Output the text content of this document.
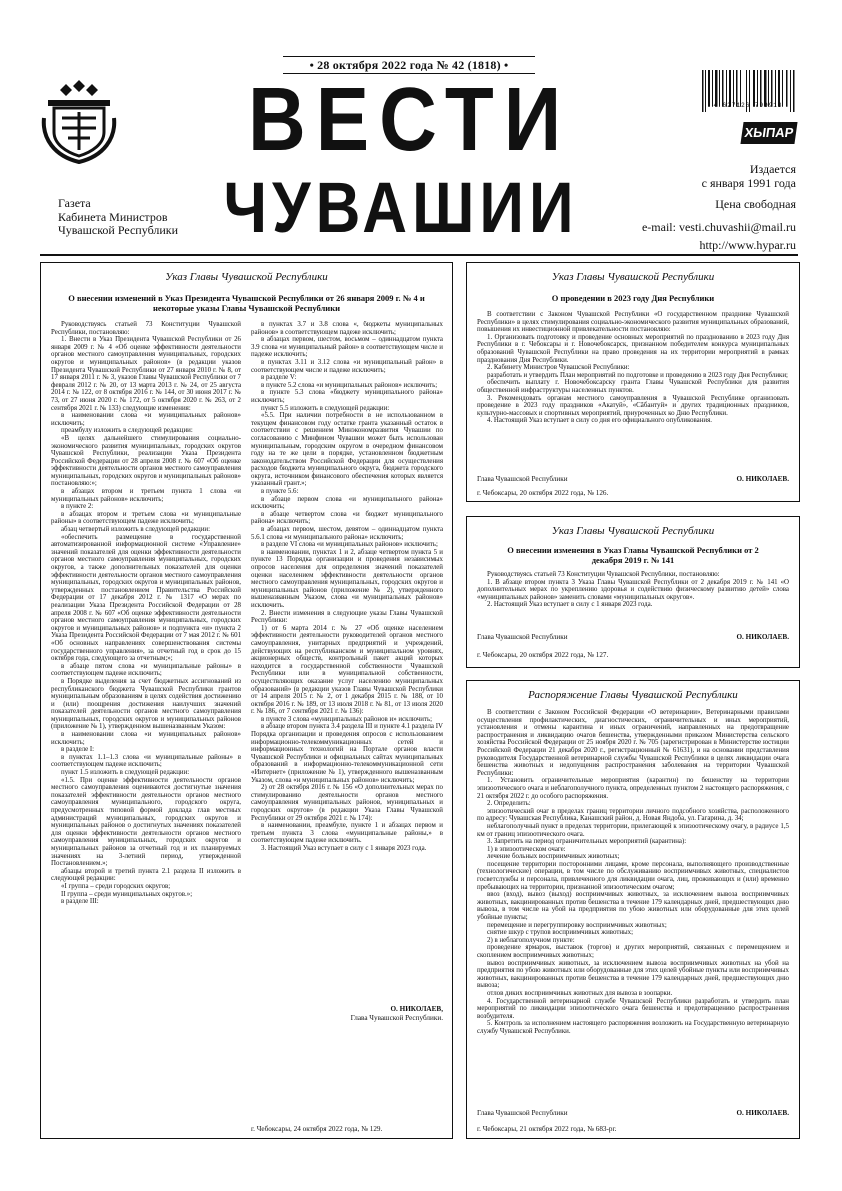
• 28 октября 2022 года № 42 (1818) •
ВЕСТИ
ЧУВАШИИ
Газета
Кабинета Министров
Чувашской Республики
4 627126 799913
ХЫПАР
Издается
с января 1991 года
Цена свободная
e-mail: vesti.chuvashii@mail.ru
http://www.hypar.ru
Указ Главы Чувашской Республики
О внесении изменений в Указ Президента Чувашской Республики от 26 января 2009 г. № 4 и некоторые указы Главы Чувашской Республики

Руководствуясь статьей 73 Конституции Чувашской Республики, постановляю:

1. Внести в Указ Президента Чувашской Республики от 26 января 2009 г. № 4 «Об оценке эффективности деятельности органов местного самоуправления муниципальных, городских округов и муниципальных районов» (в редакции указов Президента Чувашской Республики от 27 января 2010 г. № 8, от 17 января 2011 г. № 3, указов Главы Чувашской Республики от 7 февраля 2012 г. № 20, от 13 марта 2013 г. № 24, от 25 августа 2014 г. № 122, от 8 октября 2016 г. № 144, от 30 июня 2017 г. № 73, от 27 июня 2020 г. № 172, от 5 октября 2020 г. № 263, от 2 сентября 2021 г. № 133) следующие изменения:

в наименовании слова «и муниципальных районов» исключить;

преамбулу изложить в следующей редакции:

«В целях дальнейшего стимулирования социально-экономического развития муниципальных, городских округов Чувашской Республики, реализации Указа Президента Российской Федерации от 28 апреля 2008 г. № 607 «Об оценке эффективности деятельности органов местного самоуправления муниципальных, городских округов и муниципальных районов» постановляю:»;

в абзацах втором и третьем пункта 1 слова «и муниципальных районов» исключить;

в пункте 2:

в абзацах втором и третьем слова «и муниципальные районы» в соответствующем падеже исключить;

абзац четвертый изложить в следующей редакции:

«обеспечить размещение в государственной автоматизированной информационной системе «Управление» значений показателей для оценки эффективности деятельности органов местного самоуправления муниципальных, городских округов, а также дополнительных показателей для оценки эффективности деятельности органов местного самоуправления муниципальных, городских округов и муниципальных районов, утвержденных постановлением Правительства Российской Федерации от 17 декабря 2012 г. № 1317 «О мерах по реализации Указа Президента Российской Федерации от 28 апреля 2008 г. № 607 «Об оценке эффективности деятельности органов местного самоуправления муниципальных, городских округов и муниципальных районов» и подпункта «и» пункта 2 Указа Президента Российской Федерации от 7 мая 2012 г. № 601 «Об основных направлениях совершенствования системы государственного управления», за отчетный год в срок до 15 октября года, следующего за отчетным;»;

в абзаце пятом слова «и муниципальные районы» в соответствующем падеже исключить;

в Порядке выделения за счет бюджетных ассигнований из республиканского бюджета Чувашской Республики грантов муниципальным образованиям в целях содействия достижению и (или) поощрения достижения наилучших значений показателей деятельности органов местного самоуправления муниципальных, городских округов и муниципальных районов (приложение № 1), утвержденном вышеназванным Указом:

в наименовании слова «и муниципальных районов» исключить;

в разделе I:

в пунктах 1.1–1.3 слова «и муниципальные районы» в соответствующем падеже исключить;

пункт 1.5 изложить в следующей редакции:

«1.5. При оценке эффективности деятельности органов местного самоуправления оцениваются достигнутые значения показателей эффективности деятельности органов местного самоуправления муниципального, городского округа, предусмотренных типовой формой доклада глав местных администраций муниципальных, городских округов и муниципальных районов о достигнутых значениях показателей для оценки эффективности деятельности органов местного самоуправления муниципальных, городских округов и муниципальных районов за отчетный год и их планируемых значениях на 3-летний период, утвержденной Постановлением.»;

абзацы второй и третий пункта 2.1 раздела II изложить в следующей редакции:

«I группа – среди городских округов;

II группа – среди муниципальных округов.»;

в разделе III:

в пунктах 3.7 и 3.8 слова «, бюджеты муниципальных районов» в соответствующем падеже исключить;

в абзацах первом, шестом, восьмом – одиннадцатом пункта 3.9 слова «и муниципальный район» в соответствующем числе и падеже исключить;

в пунктах 3.11 и 3.12 слова «и муниципальный район» в соответствующем числе и падеже исключить;

в разделе V:

в пункте 5.2 слова «и муниципальных районов» исключить;

в пункте 5.3 слова «бюджету муниципального района» исключить;

пункт 5.5 изложить в следующей редакции:

«5.5. При наличии потребности в не использованном в текущем финансовом году остатке гранта указанный остаток в соответствии с решением Минэкономразвития Чувашии по согласованию с Минфином Чувашии может быть использован муниципальным, городским округом в очередном финансовом году на те же цели в порядке, установленном бюджетным законодательством Российской Федерации для осуществления расходов бюджета муниципального округа, бюджета городского округа, источником финансового обеспечения которых является указанный грант.»;

в пункте 5.6:

в абзаце первом слова «и муниципального района» исключить;

в абзаце четвертом слова «и бюджет муниципального района» исключить;

в абзацах первом, шестом, девятом – одиннадцатом пункта 5.6.1 слова «и муниципального района» исключить;

в разделе VI слова «и муниципальных районов» исключить;

в наименовании, пунктах 1 и 2, абзаце четвертом пункта 5 и пункте 13 Порядка организации и проведения независимых опросов населения для определения значений показателей оценки населением эффективности деятельности органов местного самоуправления муниципальных, городских округов и муниципальных районов (приложение № 2), утвержденного вышеназванным Указом, слова «и муниципальных районов» исключить.

2. Внести изменения в следующие указы Главы Чувашской Республики:

1) от 6 марта 2014 г. № 27 «Об оценке населением эффективности деятельности руководителей органов местного самоуправления, унитарных предприятий и учреждений, действующих на республиканском и муниципальном уровнях, акционерных обществ, контрольный пакет акций которых находится в государственной собственности Чувашской Республики или в муниципальной собственности, осуществляющих оказание услуг населению муниципальных образований» (в редакции указов Главы Чувашской Республики от 14 апреля 2015 г. № 2, от 1 декабря 2015 г. № 188, от 10 октября 2016 г. № 189, от 13 июля 2018 г. № 81, от 13 июля 2020 г. № 186, от 7 сентября 2021 г. № 136):

в пункте 3 слова «муниципальных районов и» исключить;

в абзаце втором пункта 3.4 раздела III и пункте 4.1 раздела IV Порядка организации и проведения опросов с использованием информационно-телекоммуникационных сетей и информационных технологий на Портале органов власти Чувашской Республики и официальных сайтах муниципальных образований в информационно-телекоммуникационной сети «Интернет» (приложение № 1), утвержденного вышеназванным Указом, слова «и муниципальных районов» исключить;

2) от 28 октября 2016 г. № 156 «О дополнительных мерах по стимулированию деятельности органов местного самоуправления муниципальных районов, муниципальных и городских округов» (в редакции Указа Главы Чувашской Республики от 29 октября 2021 г. № 174):

в наименовании, преамбуле, пункте 1 и абзацах первом и третьем пункта 3 слова «муниципальные районы,» в соответствующем падеже исключить.

3. Настоящий Указ вступает в силу с 1 января 2023 года.

О. НИКОЛАЕВ,
Глава Чувашской Республики.
г. Чебоксары, 24 октября 2022 года, № 129.
Указ Главы Чувашской Республики
О проведении в 2023 году Дня Республики

В соответствии с Законом Чувашской Республики «О государственном празднике Чувашской Республики» в целях стимулирования социально-экономического развития муниципальных образований, повышения их инвестиционной привлекательности постановляю:

1. Организовать подготовку и проведение основных мероприятий по празднованию в 2023 году Дня Республики в г. Чебоксары и г. Новочебоксарск, признанном победителем конкурса муниципальных образований Чувашской Республики на право проведения на их территории мероприятий в рамках празднования Дня Республики.

2. Кабинету Министров Чувашской Республики:

разработать и утвердить План мероприятий по подготовке и проведению в 2023 году Дня Республики;

обеспечить выплату г. Новочебоксарску гранта Главы Чувашской Республики для развития общественной инфраструктуры населенных пунктов.

3. Рекомендовать органам местного самоуправления в Чувашской Республике организовать проведение в 2023 году праздников «Акатуй», «Сăбантуй» и других традиционных праздников, культурно-массовых и спортивных мероприятий, приуроченных ко Дню Республики.

4. Настоящий Указ вступает в силу со дня его официального опубликования.

Глава Чувашской Республики	О. НИКОЛАЕВ.
г. Чебоксары, 20 октября 2022 года, № 126.
Указ Главы Чувашской Республики
О внесении изменения в Указ Главы Чувашской Республики от 2 декабря 2019 г. № 141

Руководствуясь статьей 73 Конституции Чувашской Республики, постановляю:

1. В абзаце втором пункта 3 Указа Главы Чувашской Республики от 2 декабря 2019 г. № 141 «О дополнительных мерах по укреплению здоровья и содействию физическому развитию детей» слова «муниципальных районов» заменить словами «муниципальных округов».

2. Настоящий Указ вступает в силу с 1 января 2023 года.

Глава Чувашской Республики	О. НИКОЛАЕВ.
г. Чебоксары, 20 октября 2022 года, № 127.
Распоряжение Главы Чувашской Республики

В соответствии с Законом Российской Федерации «О ветеринарии», Ветеринарными правилами осуществления профилактических, диагностических, ограничительных и иных мероприятий, установления и отмены карантина и иных ограничений, направленных на предотвращение распространения и ликвидацию очагов бешенства, утвержденными приказом Министерства сельского хозяйства Российской Федерации от 25 ноября 2020 г. № 705 (зарегистрирован в Министерстве юстиции Российской Федерации 21 декабря 2020 г., регистрационный № 61631), и на основании представления руководителя Государственной ветеринарной службы Чувашской Республики в целях ликвидации очага бешенства животных и недопущения распространения заболевания на территории Чувашской Республики:

1. Установить ограничительные мероприятия (карантин) по бешенству на территории эпизоотического очага и неблагополучного пункта, определенных пунктом 2 настоящего распоряжения, с 21 октября 2022 г. до особого распоряжения.

2. Определить:

эпизоотический очаг в пределах границ территории личного подсобного хозяйства, расположенного по адресу: Чувашская Республика, Канашский район, д. Новая Яндоба, ул. Гагарина, д. 34;

неблагополучный пункт в пределах территории, прилегающей к эпизоотическому очагу, в радиусе 1,5 км от границ эпизоотического очага.

3. Запретить на период ограничительных мероприятий (карантина):

1) в эпизоотическом очаге:

лечение больных восприимчивых животных;

посещение территории посторонними лицами, кроме персонала, выполняющего производственные (технологические) операции, в том числе по обслуживанию восприимчивых животных, специалистов госветслужбы и персонала, привлеченного для ликвидации очага, лиц, проживающих и (или) временно пребывающих на территории, признанной эпизоотическим очагом;

ввоз (вход), вывоз (выход) восприимчивых животных, за исключением вывоза восприимчивых животных, вакцинированных против бешенства в течение 179 календарных дней, предшествующих дню вывоза, в том числе на убой на предприятия по убою животных или оборудованные для этих целей убойные пункты;

перемещение и перегруппировку восприимчивых животных;

снятие шкур с трупов восприимчивых животных;

2) в неблагополучном пункте:

проведение ярмарок, выставок (торгов) и других мероприятий, связанных с перемещением и скоплением восприимчивых животных;

вывоз восприимчивых животных, за исключением вывоза восприимчивых животных на убой на предприятия по убою животных или оборудованные для этих целей убойные пункты или восприимчивых животных, вакцинированных против бешенства в течение 179 календарных дней, предшествующих дню вывоза;

отлов диких восприимчивых животных для вывоза в зоопарки.

4. Государственной ветеринарной службе Чувашской Республики разработать и утвердить план мероприятий по ликвидации эпизоотического очага бешенства и предотвращению распространения возбудителя.

5. Контроль за исполнением настоящего распоряжения возложить на Государственную ветеринарную службу Чувашской Республики.

Глава Чувашской Республики	О. НИКОЛАЕВ.
г. Чебоксары, 21 октября 2022 года, № 683-рг.
